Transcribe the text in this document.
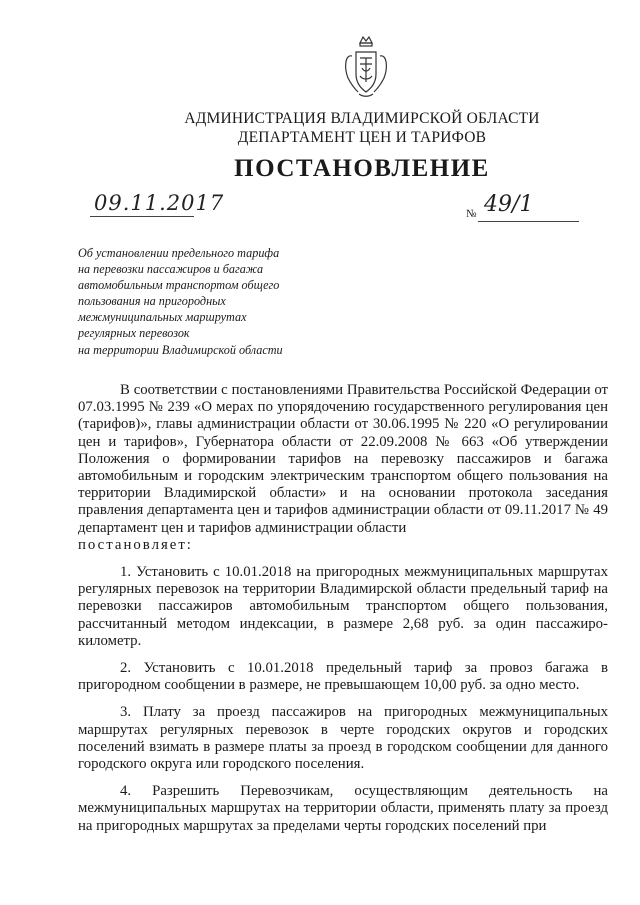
АДМИНИСТРАЦИЯ ВЛАДИМИРСКОЙ ОБЛАСТИ
ДЕПАРТАМЕНТ ЦЕН И ТАРИФОВ
ПОСТАНОВЛЕНИЕ
09.11.2017	№ 49/1
Об установлении предельного тарифа
на перевозки пассажиров и багажа
автомобильным транспортом общего
пользования на пригородных
межмуниципальных маршрутах
регулярных перевозок
на территории Владимирской области

В соответствии с постановлениями Правительства Российской Федерации от 07.03.1995 № 239 «О мерах по упорядочению государственного регулирования цен (тарифов)», главы администрации области от 30.06.1995 № 220 «О регулировании цен и тарифов», Губернатора области от 22.09.2008 № 663 «Об утверждении Положения о формировании тарифов на перевозку пассажиров и багажа автомобильным и городским электрическим транспортом общего пользования на территории Владимирской области» и на основании протокола заседания правления департамента цен и тарифов администрации области от 09.11.2017 № 49 департамент цен и тарифов администрации области

постановляет:

1. Установить с 10.01.2018 на пригородных межмуниципальных маршрутах регулярных перевозок на территории Владимирской области предельный тариф на перевозки пассажиров автомобильным транспортом общего пользования, рассчитанный методом индексации, в размере 2,68 руб. за один пассажиро-километр.

2. Установить с 10.01.2018 предельный тариф за провоз багажа в пригородном сообщении в размере, не превышающем 10,00 руб. за одно место.

3. Плату за проезд пассажиров на пригородных межмуниципальных маршрутах регулярных перевозок в черте городских округов и городских поселений взимать в размере платы за проезд в городском сообщении для данного городского округа или городского поселения.

4. Разрешить Перевозчикам, осуществляющим деятельность на межмуниципальных маршрутах на территории области, применять плату за проезд на пригородных маршрутах за пределами черты городских поселений при
